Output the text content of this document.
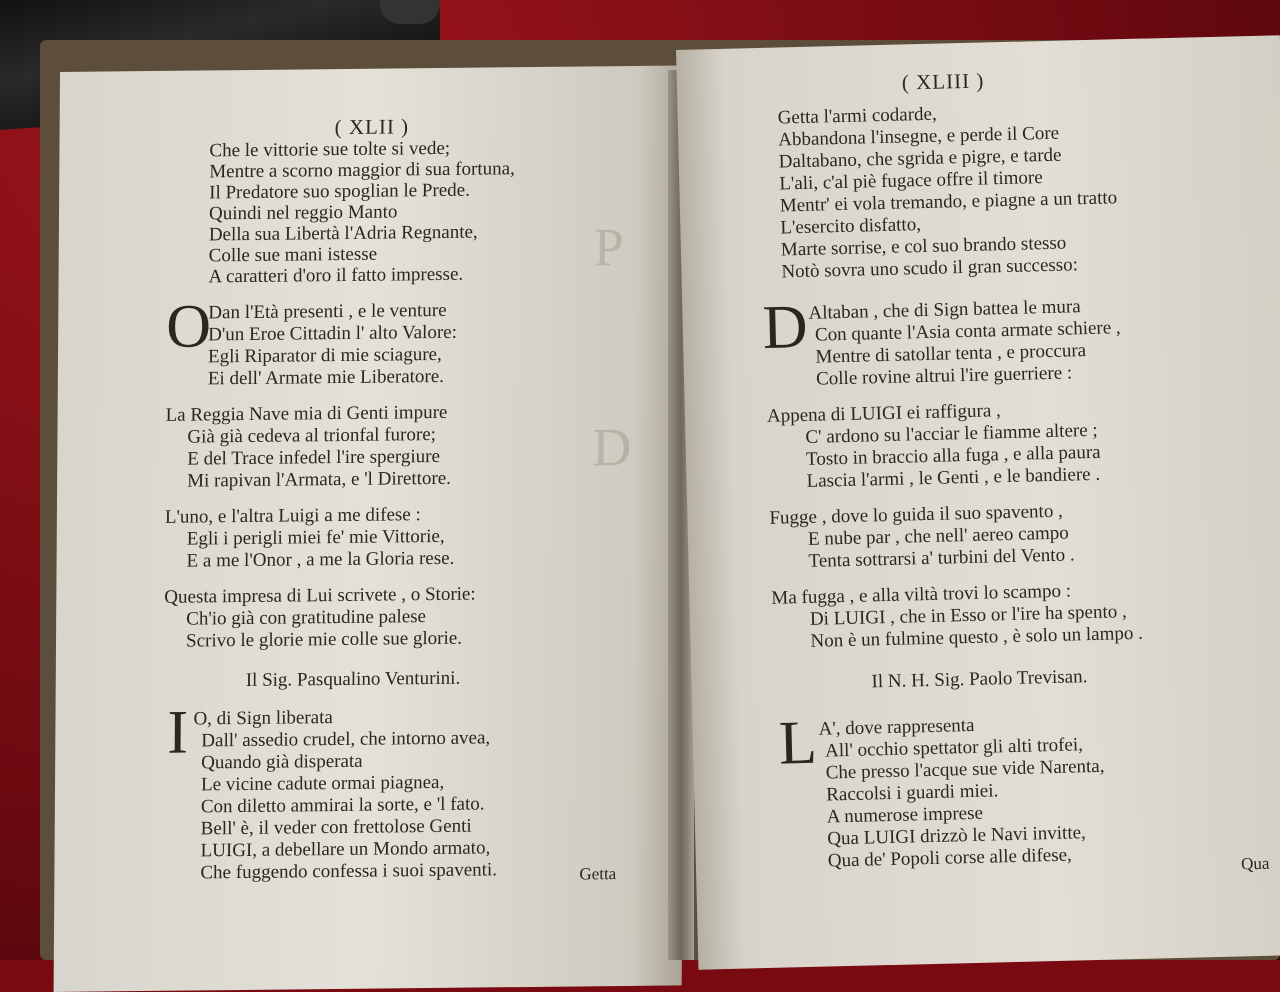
P
D
( XLII )
Che le vittorie sue tolte si vede;
Mentre a scorno maggior di sua fortuna,
Il Predatore suo spoglian le Prede.
Quindi nel reggio Manto
Della sua Libertà l'Adria Regnante,
Colle sue mani istesse
A caratteri d'oro il fatto impresse.
O
Dan l'Età presenti , e le venture
D'un Eroe Cittadin l' alto Valore:
Egli Riparator di mie sciagure,
Ei dell' Armate mie Liberatore.
La Reggia Nave mia di Genti impure
Già già cedeva al trionfal furore;
E del Trace infedel l'ire spergiure
Mi rapivan l'Armata, e 'l Direttore.
L'uno, e l'altra Luigi a me difese :
Egli i perigli miei fe' mie Vittorie,
E a me l'Onor , a me la Gloria rese.
Questa impresa di Lui scrivete , o Storie:
Ch'io già con gratitudine palese
Scrivo le glorie mie colle sue glorie.
Il Sig. Pasqualino Venturini.
I O, di Sign liberata
Dall' assedio crudel, che intorno avea,
Quando già disperata
Le vicine cadute ormai piagnea,
Con diletto ammirai la sorte, e 'l fato.
Bell' è, il veder con frettolose Genti
LUIGI, a debellare un Mondo armato,
Che fuggendo confessa i suoi spaventi.	Getta
( XLIII )
Getta l'armi codarde,
Abbandona l'insegne, e perde il Core
Daltabano, che sgrida e pigre, e tarde
L'ali, c'al piè fugace offre il timore
Mentr' ei vola tremando, e piagne a un tratto
L'esercito disfatto,
Marte sorrise, e col suo brando stesso
Notò sovra uno scudo il gran successo:
D Altaban , che di Sign battea le mura
Con quante l'Asia conta armate schiere ,
Mentre di satollar tenta , e proccura
Colle rovine altrui l'ire guerriere :
Appena di LUIGI ei raffigura ,
C' ardono su l'acciar le fiamme altere ;
Tosto in braccio alla fuga , e alla paura
Lascia l'armi , le Genti , e le bandiere .
Fugge , dove lo guida il suo spavento ,
E nube par , che nell' aereo campo
Tenta sottrarsi a' turbini del Vento .
Ma fugga , e alla viltà trovi lo scampo :
Di LUIGI , che in Esso or l'ire ha spento ,
Non è un fulmine questo , è solo un lampo .
Il N. H. Sig. Paolo Trevisan.
L A', dove rappresenta
All' occhio spettator gli alti trofei,
Che presso l'acque sue vide Narenta,
Raccolsi i guardi miei.
A numerose imprese
Qua LUIGI drizzò le Navi invitte,
Qua de' Popoli corse alle difese,	Qua
